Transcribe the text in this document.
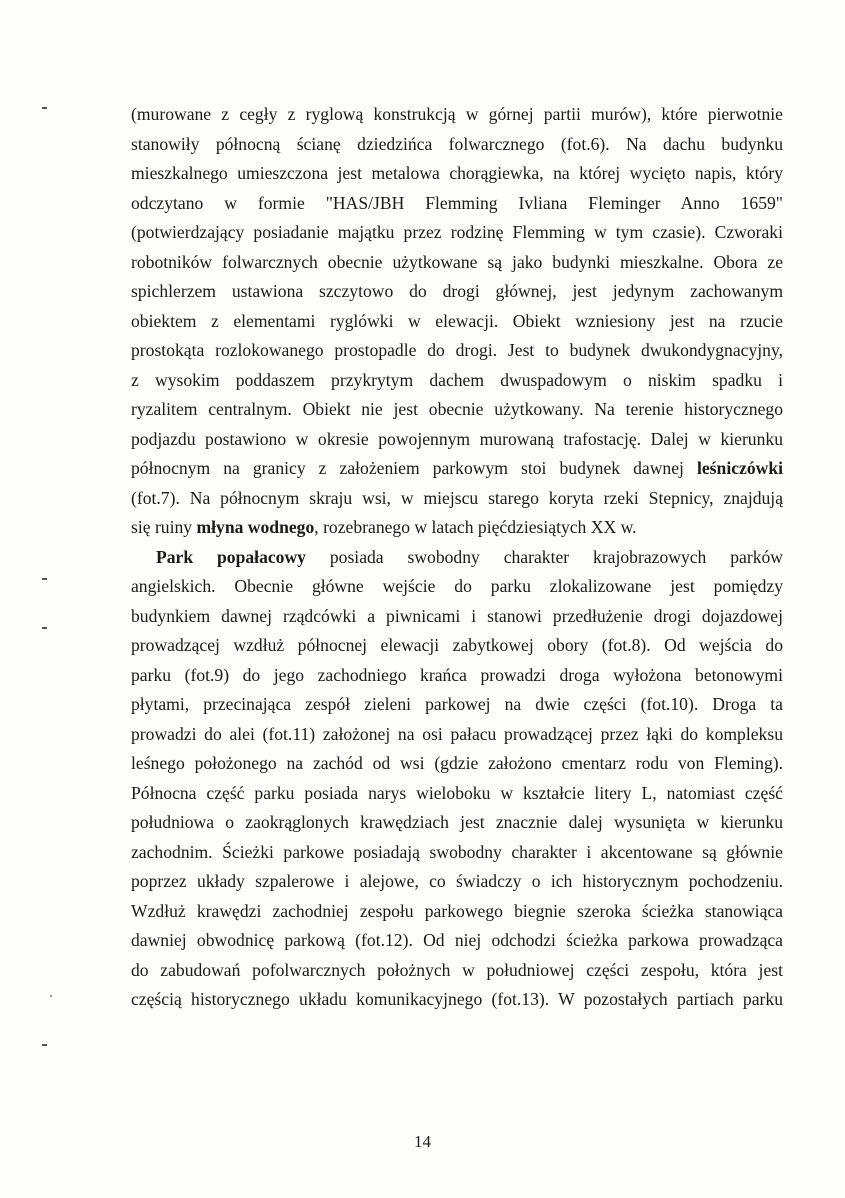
(murowane z cegły z ryglową konstrukcją w górnej partii murów), które pierwotnie
stanowiły północną ścianę dziedzińca folwarcznego (fot.6). Na dachu budynku
mieszkalnego umieszczona jest metalowa chorągiewka, na której wycięto napis, który
odczytano w formie "HAS/JBH Flemming Ivliana Fleminger Anno 1659"
(potwierdzający posiadanie majątku przez rodzinę Flemming w tym czasie). Czworaki
robotników folwarcznych obecnie użytkowane są jako budynki mieszkalne. Obora ze
spichlerzem ustawiona szczytowo do drogi głównej, jest jedynym zachowanym
obiektem z elementami ryglówki w elewacji. Obiekt wzniesiony jest na rzucie
prostokąta rozlokowanego prostopadle do drogi. Jest to budynek dwukondygnacyjny,
z wysokim poddaszem przykrytym dachem dwuspadowym o niskim spadku i
ryzalitem centralnym. Obiekt nie jest obecnie użytkowany. Na terenie historycznego
podjazdu postawiono w okresie powojennym murowaną trafostację. Dalej w kierunku
północnym na granicy z założeniem parkowym stoi budynek dawnej leśniczówki
(fot.7). Na północnym skraju wsi, w miejscu starego koryta rzeki Stepnicy, znajdują
się ruiny młyna wodnego, rozebranego w latach pięćdziesiątych XX w.
Park popałacowy posiada swobodny charakter krajobrazowych parków
angielskich. Obecnie główne wejście do parku zlokalizowane jest pomiędzy
budynkiem dawnej rządcówki a piwnicami i stanowi przedłużenie drogi dojazdowej
prowadzącej wzdłuż północnej elewacji zabytkowej obory (fot.8). Od wejścia do
parku (fot.9) do jego zachodniego krańca prowadzi droga wyłożona betonowymi
płytami, przecinająca zespół zieleni parkowej na dwie części (fot.10). Droga ta
prowadzi do alei (fot.11) założonej na osi pałacu prowadzącej przez łąki do kompleksu
leśnego położonego na zachód od wsi (gdzie założono cmentarz rodu von Fleming).
Północna część parku posiada narys wieloboku w kształcie litery L, natomiast część
południowa o zaokrąglonych krawędziach jest znacznie dalej wysunięta w kierunku
zachodnim. Ścieżki parkowe posiadają swobodny charakter i akcentowane są głównie
poprzez układy szpalerowe i alejowe, co świadczy o ich historycznym pochodzeniu.
Wzdłuż krawędzi zachodniej zespołu parkowego biegnie szeroka ścieżka stanowiąca
dawniej obwodnicę parkową (fot.12). Od niej odchodzi ścieżka parkowa prowadząca
do zabudowań pofolwarcznych położnych w południowej części zespołu, która jest
częścią historycznego układu komunikacyjnego (fot.13). W pozostałych partiach parku
14
